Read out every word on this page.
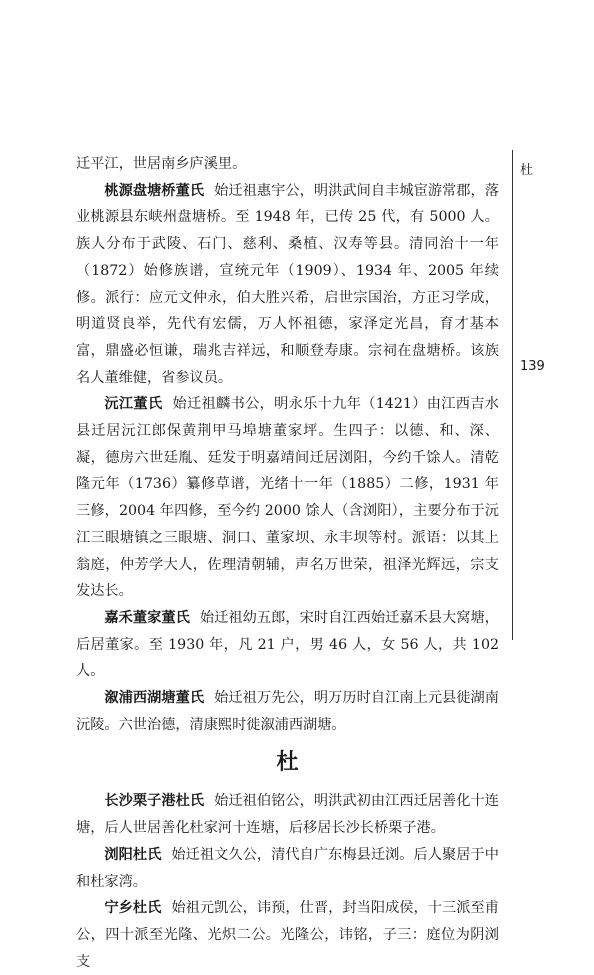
杜
139

迁平江，世居南乡庐溪里。

桃源盘塘桥董氏 始迁祖惠宇公，明洪武间自丰城宦游常郡，落业桃源县东峡州盘塘桥。至 1948 年，已传 25 代，有 5000 人。族人分布于武陵、石门、慈利、桑植、汉寿等县。清同治十一年（1872）始修族谱，宣统元年（1909）、1934 年、2005 年续修。派行：应元文仲永，伯大胜兴希，启世宗国治，方正习学成，明道贤良举，先代有宏儒，万人怀祖德，家泽定光昌，育才基本富，鼎盛必恒谦，瑞兆吉祥远，和顺登寿康。宗祠在盘塘桥。该族名人董维健，省参议员。

沅江董氏 始迁祖麟书公，明永乐十九年（1421）由江西吉水县迁居沅江郎保黄荆甲马埠塘董家坪。生四子：以德、和、深、凝，德房六世廷胤、廷发于明嘉靖间迁居浏阳，今约千馀人。清乾隆元年（1736）纂修草谱，光绪十一年（1885）二修，1931 年三修，2004 年四修，至今约 2000 馀人（含浏阳），主要分布于沅江三眼塘镇之三眼塘、洞口、董家坝、永丰坝等村。派语：以其上翁庭，仲芳学大人，佐理清朝辅，声名万世荣，祖泽光辉远，宗支发达长。

嘉禾董家董氏 始迁祖幼五郎，宋时自江西始迁嘉禾县大窝塘，后居董家。至 1930 年，凡 21 户，男 46 人，女 56 人，共 102 人。

溆浦西湖塘董氏 始迁祖万先公，明万历时自江南上元县徙湖南沅陵。六世治德，清康熙时徙溆浦西湖塘。

杜

长沙栗子港杜氏 始迁祖伯铭公，明洪武初由江西迁居善化十连塘，后人世居善化杜家河十连塘，后移居长沙长桥栗子港。

浏阳杜氏 始迁祖文久公，清代自广东梅县迁浏。后人聚居于中和杜家湾。

宁乡杜氏 始祖元凯公，讳预，仕晋，封当阳成侯，十三派至甫公，四十派至光隆、光炽二公。光隆公，讳铭，子三：庭位为阴浏支
